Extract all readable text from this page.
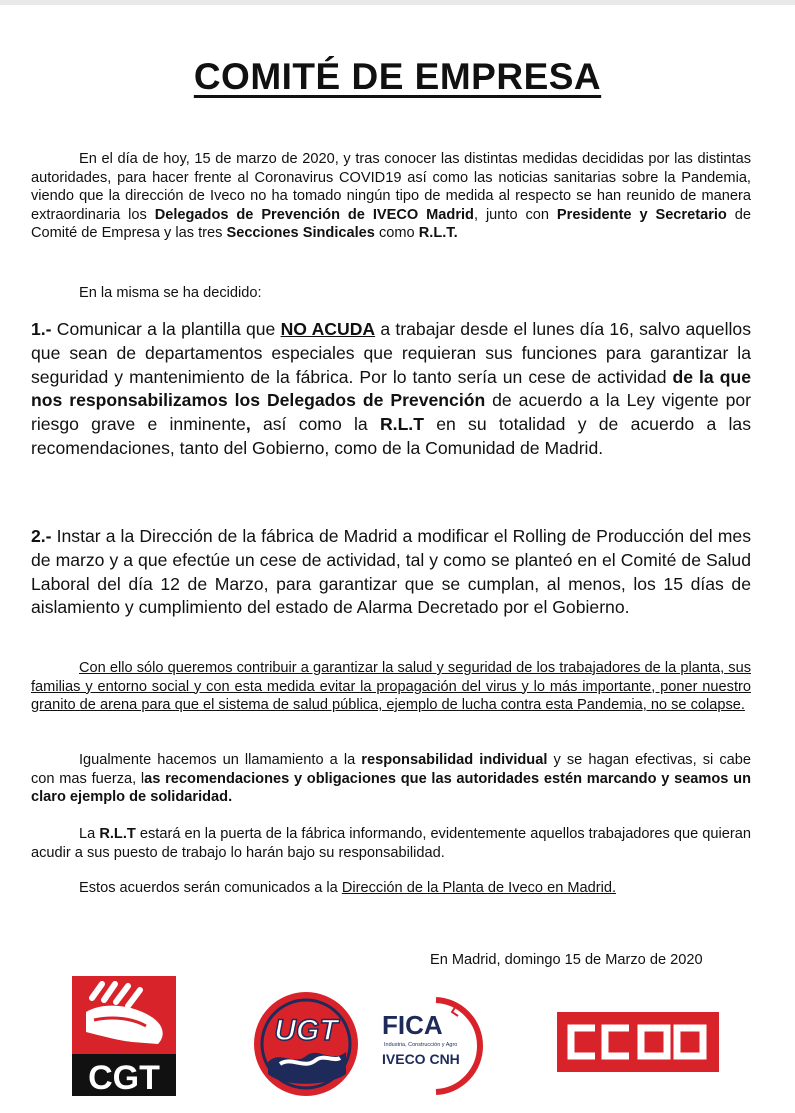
COMITÉ DE EMPRESA
En el día de hoy, 15 de marzo de 2020, y tras conocer las distintas medidas decididas por las distintas autoridades, para hacer frente al Coronavirus COVID19 así como las noticias sanitarias sobre la Pandemia, viendo que la dirección de Iveco no ha tomado ningún tipo de medida al respecto se han reunido de manera extraordinaria los Delegados de Prevención de IVECO Madrid, junto con Presidente y Secretario de Comité de Empresa y las tres Secciones Sindicales como R.L.T.
En la misma se ha decidido:
1.- Comunicar a la plantilla que NO ACUDA a trabajar desde el lunes día 16, salvo aquellos que sean de departamentos especiales que requieran sus funciones para garantizar la seguridad y mantenimiento de la fábrica. Por lo tanto sería un cese de actividad de la que nos responsabilizamos los Delegados de Prevención de acuerdo a la Ley vigente por riesgo grave e inminente, así como la R.L.T en su totalidad y de acuerdo a las recomendaciones, tanto del Gobierno, como de la Comunidad de Madrid.
2.- Instar a la Dirección de la fábrica de Madrid a modificar el Rolling de Producción del mes de marzo y a que efectúe un cese de actividad, tal y como se planteó en el Comité de Salud Laboral del día 12 de Marzo, para garantizar que se cumplan, al menos, los 15 días de aislamiento y cumplimiento del estado de Alarma Decretado por el Gobierno.
Con ello sólo queremos contribuir a garantizar la salud y seguridad de los trabajadores de la planta, sus familias y entorno social y con esta medida evitar la propagación del virus y lo más importante, poner nuestro granito de arena para que el sistema de salud pública, ejemplo de lucha contra esta Pandemia, no se colapse.
Igualmente hacemos un llamamiento a la responsabilidad individual y se hagan efectivas, si cabe con mas fuerza, las recomendaciones y obligaciones que las autoridades estén marcando y seamos un claro ejemplo de solidaridad.
La R.L.T estará en la puerta de la fábrica informando, evidentemente aquellos trabajadores que quieran acudir a sus puesto de trabajo lo harán bajo su responsabilidad.
Estos acuerdos serán comunicados a la Dirección de la Planta de Iveco en Madrid.
En Madrid, domingo 15 de Marzo de 2020
CGT
UGT FICA
Industria, Construcción y Agro
IVECO CNH
CCOO
